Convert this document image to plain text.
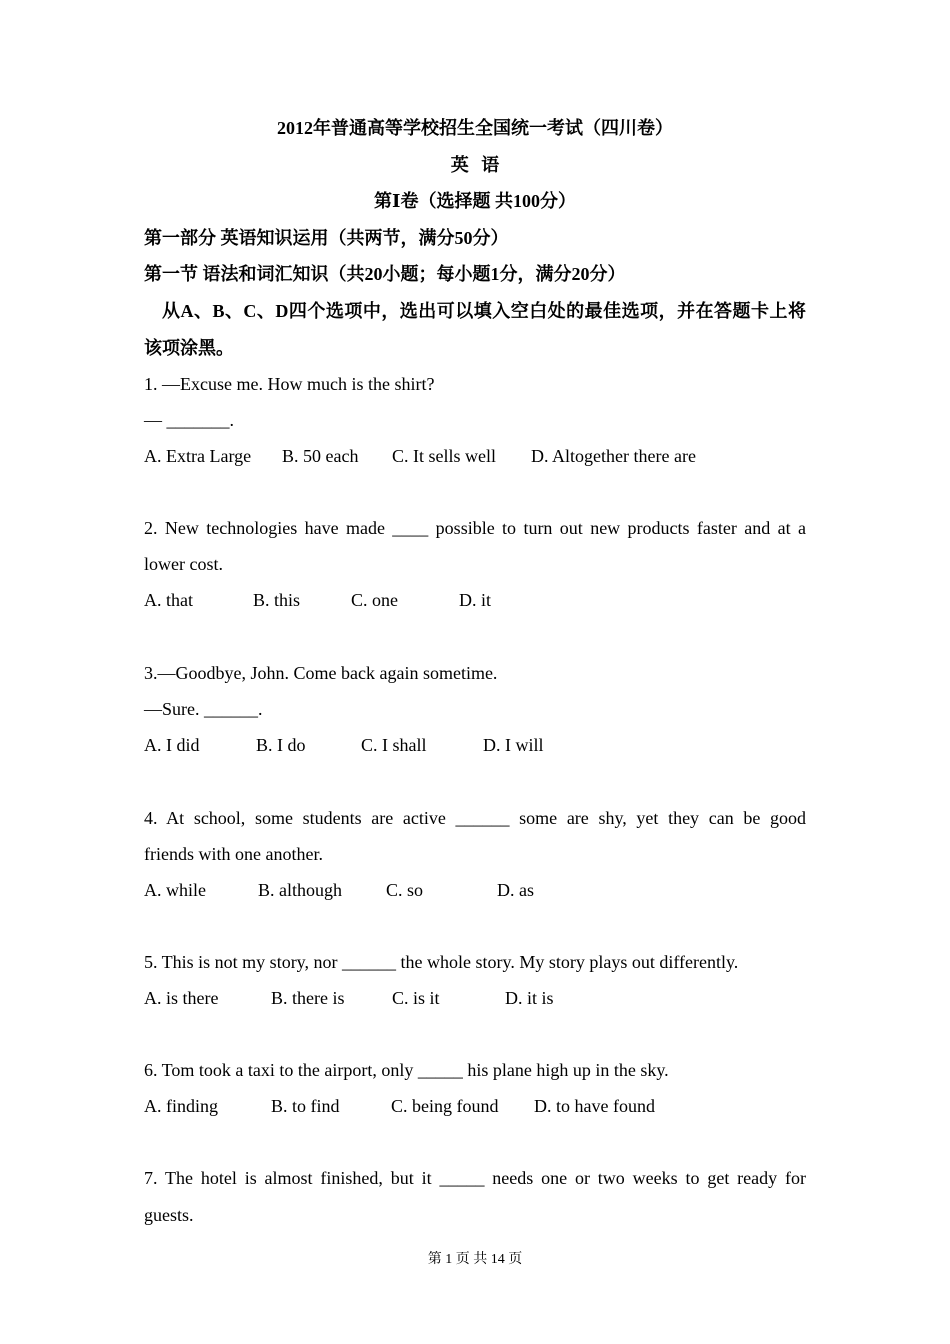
2012年普通高等学校招生全国统一考试（四川卷）
英 语
第Ⅰ卷（选择题 共100分）
第一部分 英语知识运用（共两节，满分50分）
第一节 语法和词汇知识（共20小题；每小题1分，满分20分）
从A、B、C、D四个选项中，选出可以填入空白处的最佳选项，并在答题卡上将
该项涂黑。
1. —Excuse me. How much is the shirt?
— _______.
A. Extra Large B. 50 each C. It sells well D. Altogether there are
2. New technologies have made ____ possible to turn out new products faster and at a
lower cost.
A. that	B. this	C. one	D. it
3.—Goodbye, John. Come back again sometime.
—Sure. ______.
A. I did	B. I do	C. I shall	D. I will
4. At school, some students are active ______ some are shy, yet they can be good
friends with one another.
A. while	B. although C. so	D. as
5. This is not my story, nor ______ the whole story. My story plays out differently.
A. is there	B. there is	C. is it	D. it is
6. Tom took a taxi to the airport, only _____ his plane high up in the sky.
A. finding	B. to find	C. being found D. to have found
7. The hotel is almost finished, but it _____ needs one or two weeks to get ready for
guests.
第 1 页 共 14 页
